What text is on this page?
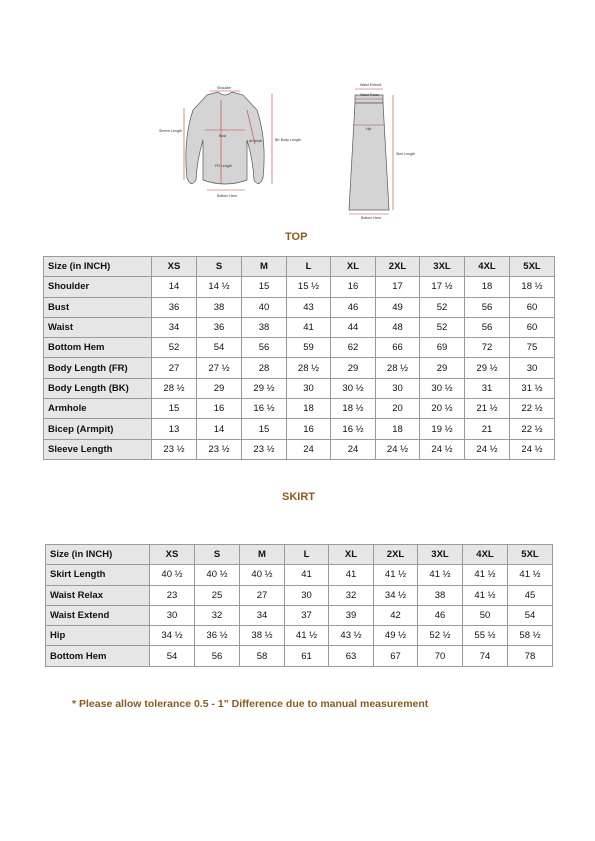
Shoulder
Sleeve Length
Bust
Armhole
FR Length
BK Body Length
Bottom Hem
Waist Extend
Waist Relax
Hip
Skirt Length
Bottom Hem
TOP
Size (in INCH)	XS	S	M	L	XL	2XL	3XL	4XL	5XL
Shoulder	14	14 ½	15	15 ½	16	17	17 ½	18	18 ½
Bust	36	38	40	43	46	49	52	56	60
Waist	34	36	38	41	44	48	52	56	60
Bottom Hem	52	54	56	59	62	66	69	72	75
Body Length (FR)	27	27 ½	28	28 ½	29	28 ½	29	29 ½	30
Body Length (BK)	28 ½	29	29 ½	30	30 ½	30	30 ½	31	31 ½
Armhole	15	16	16 ½	18	18 ½	20	20 ½	21 ½	22 ½
Bicep (Armpit)	13	14	15	16	16 ½	18	19 ½	21	22 ½
Sleeve Length	23 ½	23 ½	23 ½	24	24	24 ½	24 ½	24 ½	24 ½
SKIRT
Size (in INCH)	XS	S	M	L	XL	2XL	3XL	4XL	5XL
Skirt Length	40 ½	40 ½	40 ½	41	41	41 ½	41 ½	41 ½	41 ½
Waist Relax	23	25	27	30	32	34 ½	38	41 ½	45
Waist Extend	30	32	34	37	39	42	46	50	54
Hip	34 ½	36 ½	38 ½	41 ½	43 ½	49 ½	52 ½	55 ½	58 ½
Bottom Hem	54	56	58	61	63	67	70	74	78
* Please allow tolerance 0.5 - 1" Difference due to manual measurement
